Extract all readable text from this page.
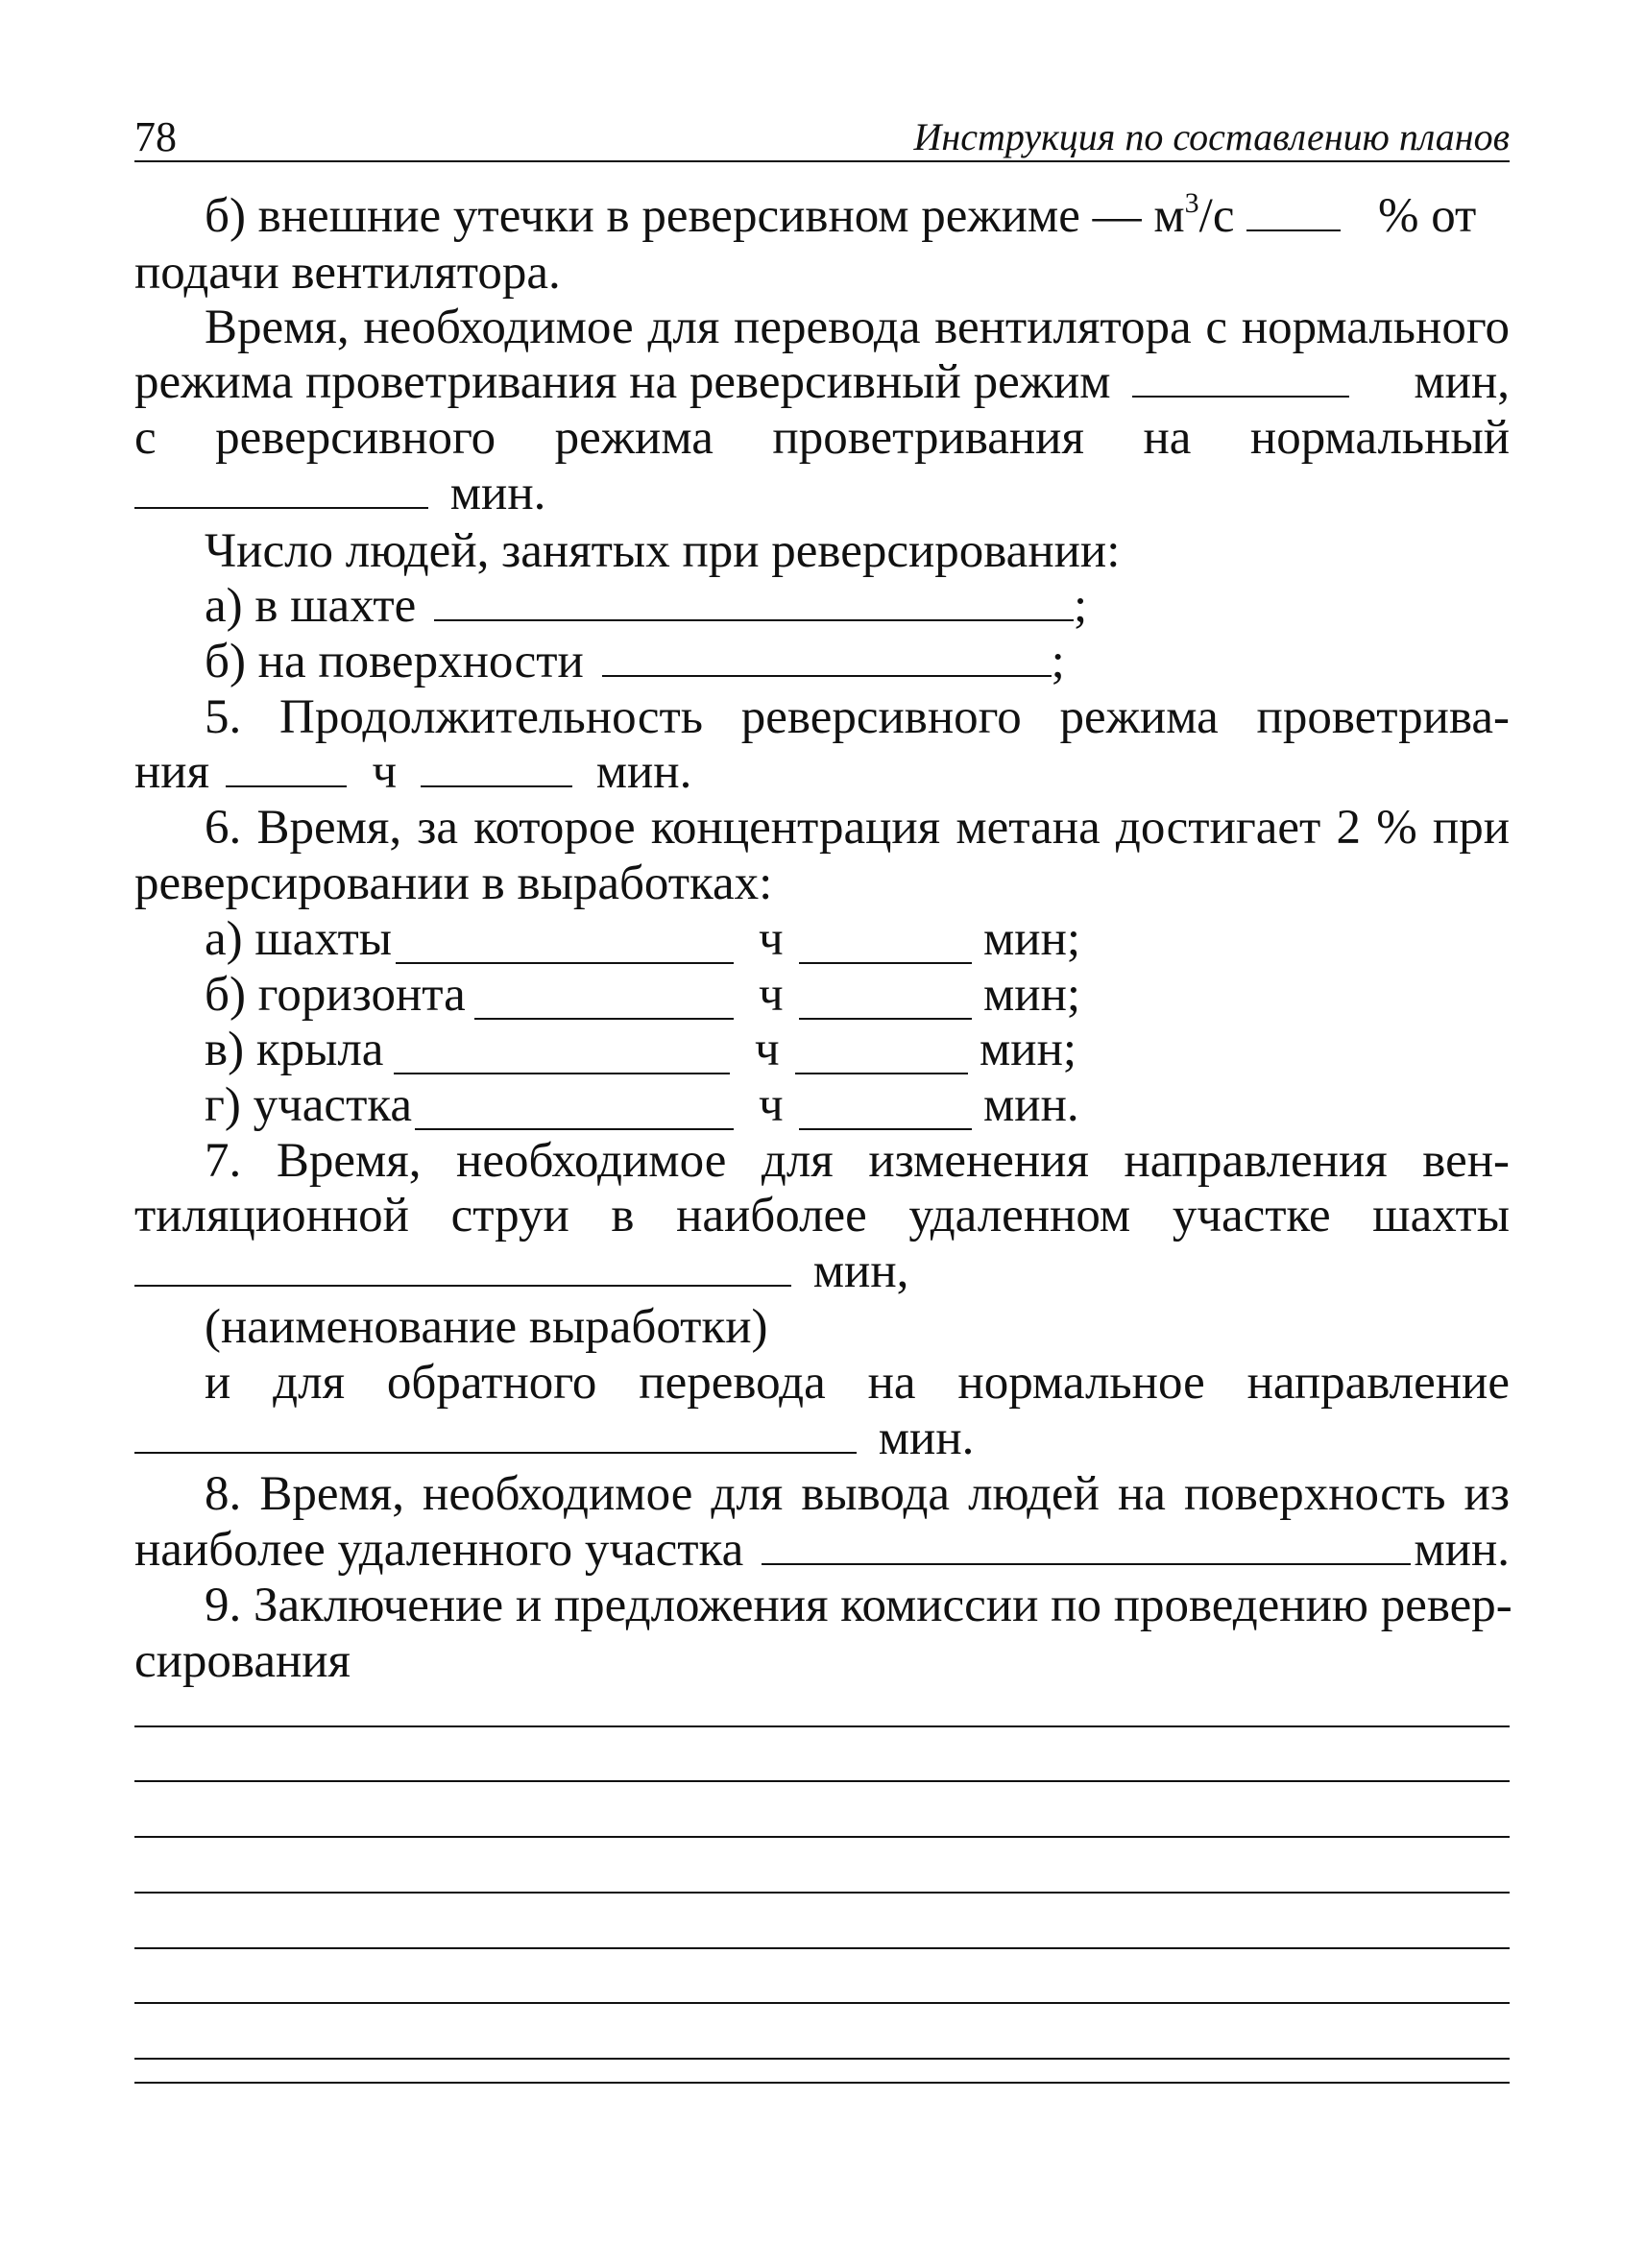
78	Инструкция по составлению планов
б) внешние утечки в реверсивном режиме — $м^3/с$	% от
подачи вентилятора.
Время, необходимое для перевода вентилятора с нормального
режима проветривания на реверсивный режим	мин,
с реверсивного режима проветривания на нормальный
мин.
Число людей, занятых при реверсировании:
а) в шахте	;
б) на поверхности	;
5. Продолжительность реверсивного режима проветрива-
ния	ч	мин.
6. Время, за которое концентрация метана достигает 2 % при
реверсировании в выработках:
а) шахты	ч	мин;
б) горизонта	ч	мин;
в) крыла	ч	мин;
г) участка	ч	мин.
7. Время, необходимое для изменения направления вен-
тиляционной струи в наиболее удаленном участке шахты
мин,
(наименование выработки)
и для обратного перевода на нормальное направление
мин.
8. Время, необходимое для вывода людей на поверхность из
наиболее удаленного участка	мин.
9. Заключение и предложения комиссии по проведению ревер-
сирования
